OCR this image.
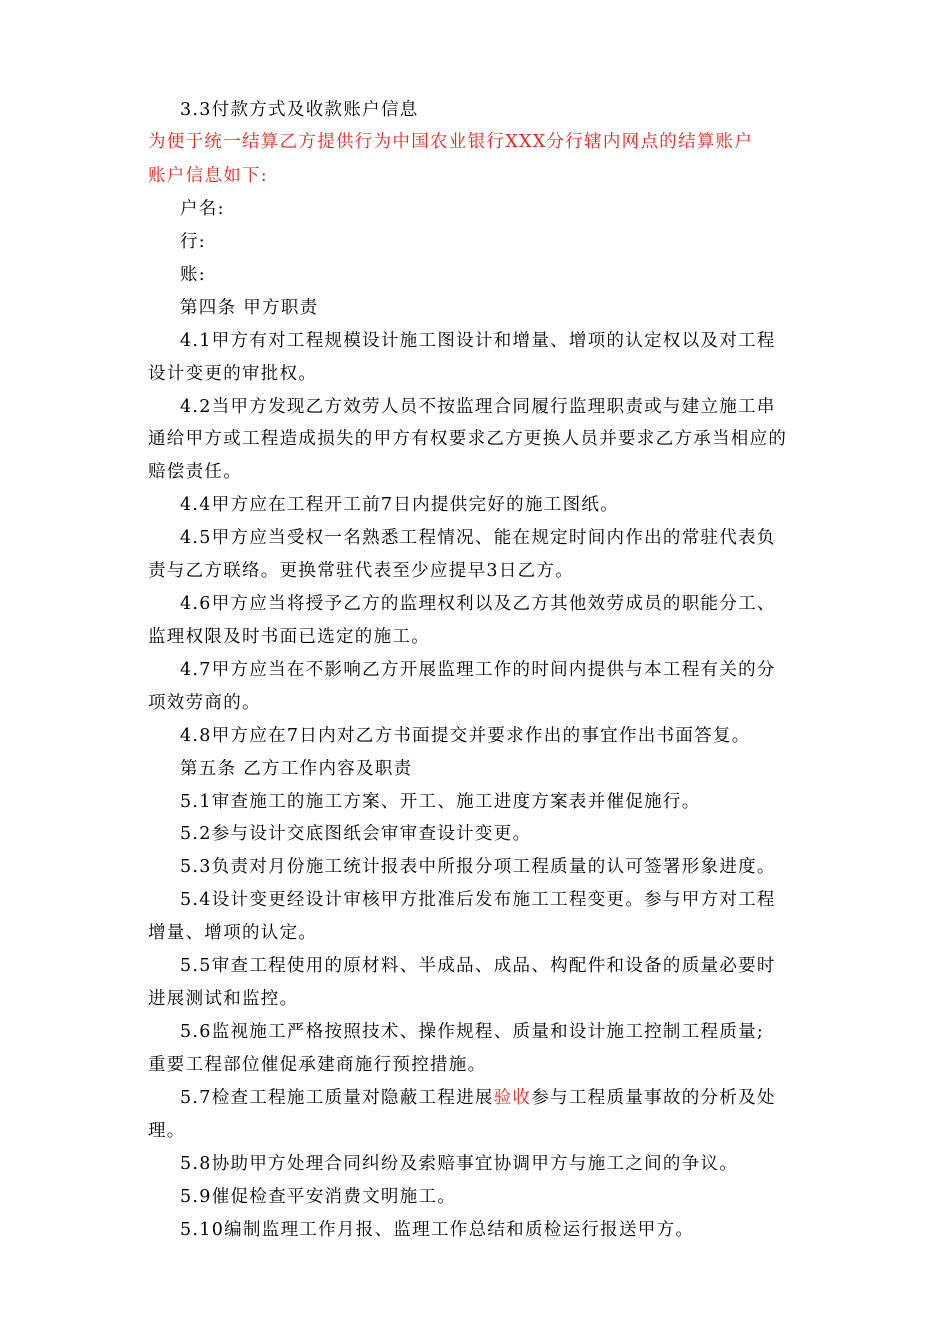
3.3付款方式及收款账户信息
为便于统一结算乙方提供行为中国农业银行XXX分行辖内网点的结算账户
账户信息如下:
户名:
行:
账:
第四条 甲方职责
4.1甲方有对工程规模设计施工图设计和增量、增项的认定权以及对工程
设计变更的审批权。
4.2当甲方发现乙方效劳人员不按监理合同履行监理职责或与建立施工串
通给甲方或工程造成损失的甲方有权要求乙方更换人员并要求乙方承当相应的
赔偿责任。
4.4甲方应在工程开工前7日内提供完好的施工图纸。
4.5甲方应当受权一名熟悉工程情况、能在规定时间内作出的常驻代表负
责与乙方联络。更换常驻代表至少应提早3日乙方。
4.6甲方应当将授予乙方的监理权利以及乙方其他效劳成员的职能分工、
监理权限及时书面已选定的施工。
4.7甲方应当在不影响乙方开展监理工作的时间内提供与本工程有关的分
项效劳商的。
4.8甲方应在7日内对乙方书面提交并要求作出的事宜作出书面答复。
第五条 乙方工作内容及职责
5.1审查施工的施工方案、开工、施工进度方案表并催促施行。
5.2参与设计交底图纸会审审查设计变更。
5.3负责对月份施工统计报表中所报分项工程质量的认可签署形象进度。
5.4设计变更经设计审核甲方批准后发布施工工程变更。参与甲方对工程
增量、增项的认定。
5.5审查工程使用的原材料、半成品、成品、构配件和设备的质量必要时
进展测试和监控。
5.6监视施工严格按照技术、操作规程、质量和设计施工控制工程质量;
重要工程部位催促承建商施行预控措施。
5.7检查工程施工质量对隐蔽工程进展验收参与工程质量事故的分析及处
理。
5.8协助甲方处理合同纠纷及索赔事宜协调甲方与施工之间的争议。
5.9催促检查平安消费文明施工。
5.10编制监理工作月报、监理工作总结和质检运行报送甲方。
